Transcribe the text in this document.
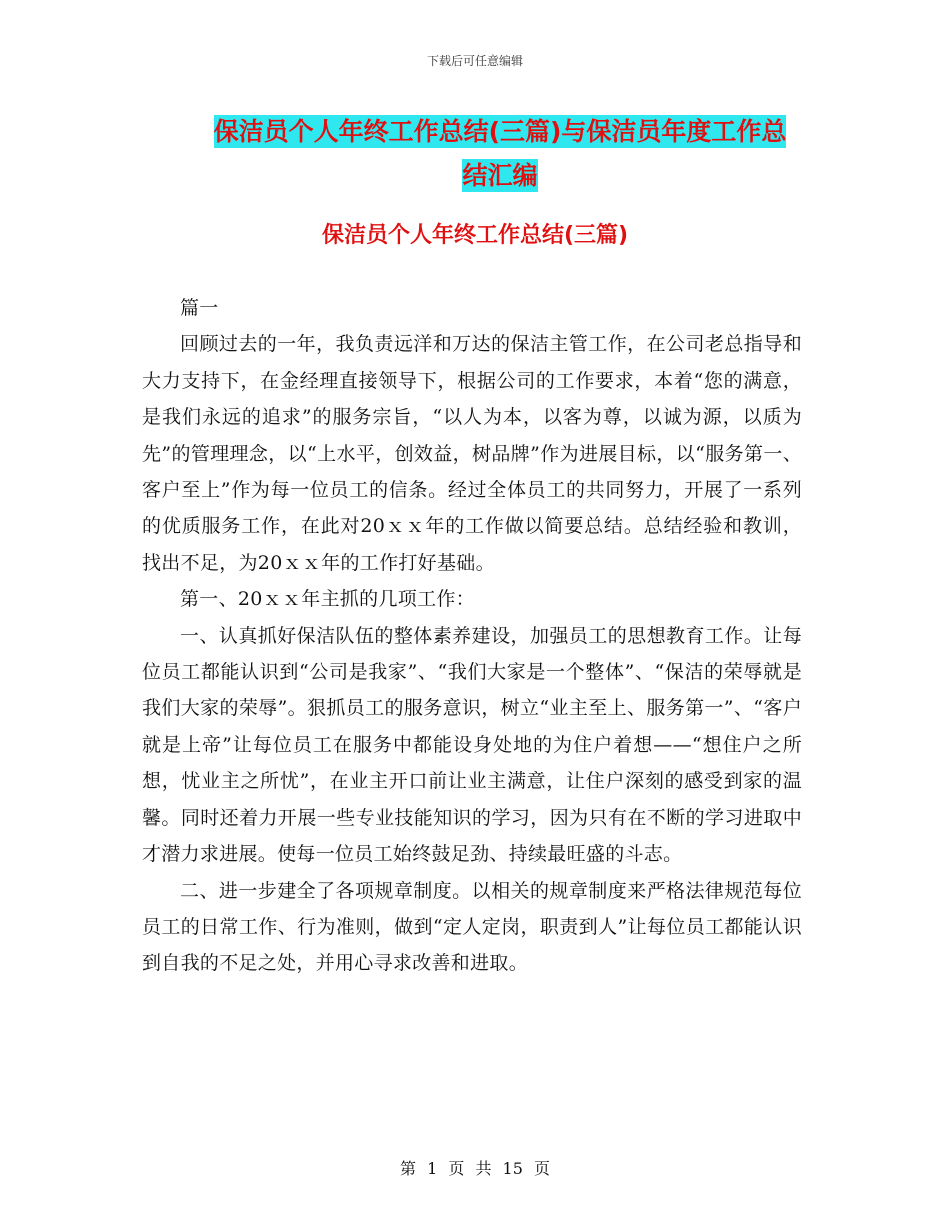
下载后可任意编辑
保洁员个人年终工作总结(三篇)与保洁员年度工作总
结汇编
保洁员个人年终工作总结(三篇)

篇一

回顾过去的一年，我负责远洋和万达的保洁主管工作，在公司老总指导和大力支持下，在金经理直接领导下，根据公司的工作要求，本着“您的满意，是我们永远的追求”的服务宗旨，“以人为本，以客为尊，以诚为源，以质为先”的管理理念，以“上水平，创效益，树品牌”作为进展目标，以“服务第一、客户至上”作为每一位员工的信条。经过全体员工的共同努力，开展了一系列的优质服务工作，在此对20ｘｘ年的工作做以简要总结。总结经验和教训，找出不足，为20ｘｘ年的工作打好基础。

第一、20ｘｘ年主抓的几项工作：

一、认真抓好保洁队伍的整体素养建设，加强员工的思想教育工作。让每位员工都能认识到“公司是我家”、“我们大家是一个整体”、“保洁的荣辱就是我们大家的荣辱”。狠抓员工的服务意识，树立“业主至上、服务第一”、“客户就是上帝”让每位员工在服务中都能设身处地的为住户着想——“想住户之所想，忧业主之所忧”，在业主开口前让业主满意，让住户深刻的感受到家的温馨。同时还着力开展一些专业技能知识的学习，因为只有在不断的学习进取中才潜力求进展。使每一位员工始终鼓足劲、持续最旺盛的斗志。

二、进一步建全了各项规章制度。以相关的规章制度来严格法律规范每位员工的日常工作、行为准则，做到“定人定岗，职责到人”让每位员工都能认识到自我的不足之处，并用心寻求改善和进取。

第 1 页 共 15 页
